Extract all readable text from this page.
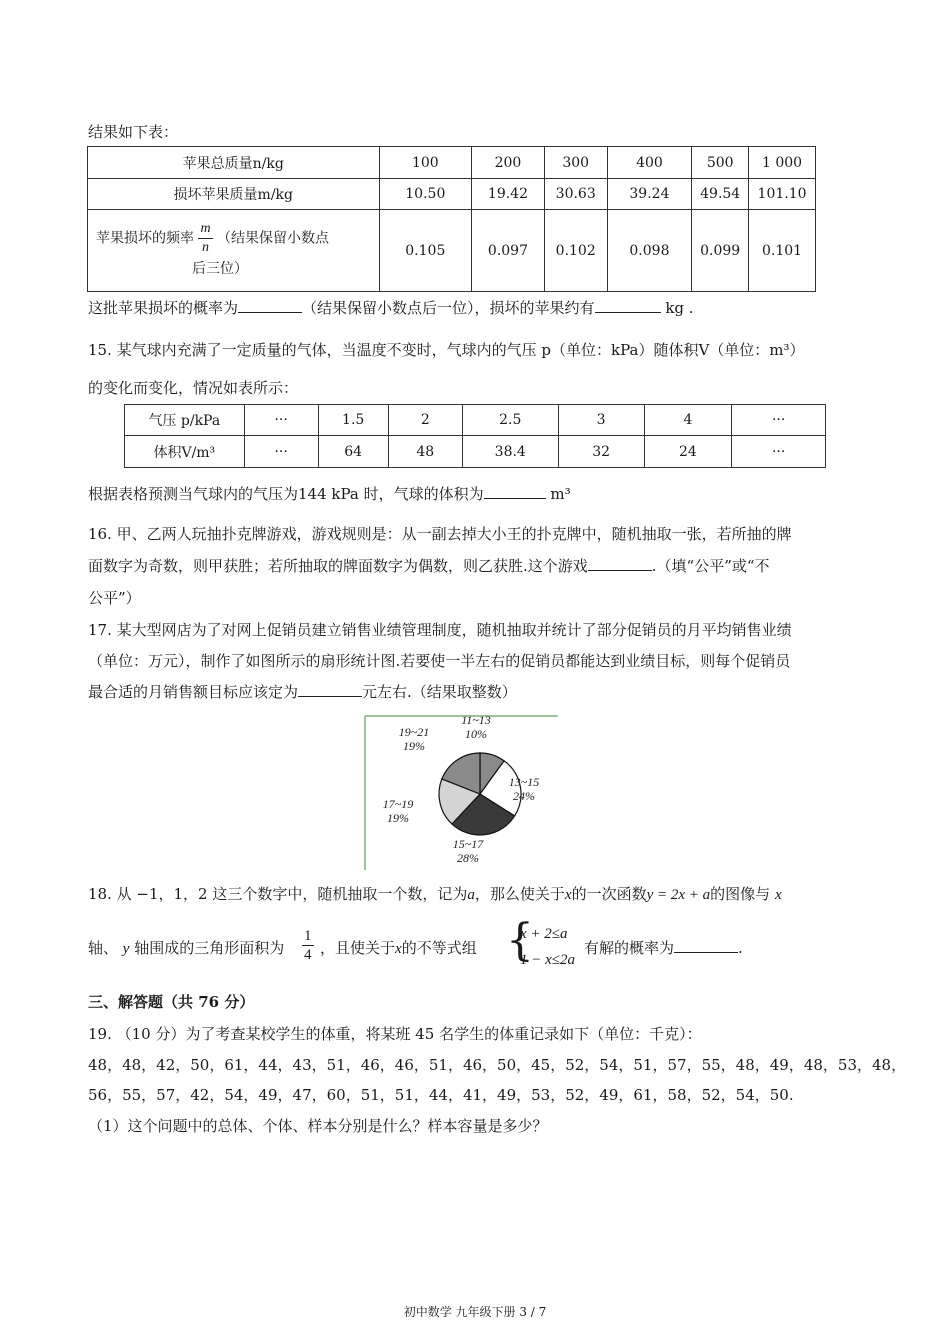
结果如下表：
苹果总质量n/kg	100	200	300	400	500	1 000
损坏苹果质量m/kg	10.50	19.42	30.63	39.24	49.54	101.10
苹果损坏的频率 $\frac{m}{n}$ （结果保留小数点
后三位）	0.105	0.097	0.102	0.098	0.099	0.101
这批苹果损坏的概率为	（结果保留小数点后一位），损坏的苹果约有	kg .
15. 某气球内充满了一定质量的气体，当温度不变时，气球内的气压 p（单位：kPa）随体积V（单位：m³）
的变化而变化，情况如表所示：
气压 p/kPa	···	1.5	2	2.5	3	4	···
体积V/m³	···	64	48	38.4	32	24	···
根据表格预测当气球内的气压为144 kPa 时，气球的体积为	m³
16. 甲、乙两人玩抽扑克牌游戏，游戏规则是：从一副去掉大小王的扑克牌中，随机抽取一张，若所抽的牌
面数字为奇数，则甲获胜；若所抽取的牌面数字为偶数，则乙获胜.这个游戏	.（填“公平”或“不
公平”）
17. 某大型网店为了对网上促销员建立销售业绩管理制度，随机抽取并统计了部分促销员的月平均销售业绩
（单位：万元），制作了如图所示的扇形统计图.若要使一半左右的促销员都能达到业绩目标，则每个促销员
最合适的月销售额目标应该定为	元左右.（结果取整数）
11~13
10%
13~15
24%
15~17
28%
17~19
19%
19~21
19%
18. 从 −1，1，2 这三个数字中，随机抽取一个数，记为a，那么使关于x的一次函数y = 2x + a的图像与 x
轴、 y 轴围成的三角形面积为 $\frac{1}{4}$ ，且使关于x的不等式组 {
x + 2≤a
1 − x≤2a
有解的概率为	.
三、解答题（共 76 分）
19. （10 分）为了考查某校学生的体重，将某班 45 名学生的体重记录如下（单位：千克）：
48，48，42，50，61，44，43，51，46，46，51，46，50，45，52，54，51，57，55，48，49，48，53，48，
56，55，57，42，54，49，47，60，51，51，44，41，49，53，52，49，61，58，52，54，50.
（1）这个问题中的总体、个体、样本分别是什么？样本容量是多少？
初中数学 九年级下册 3 / 7
